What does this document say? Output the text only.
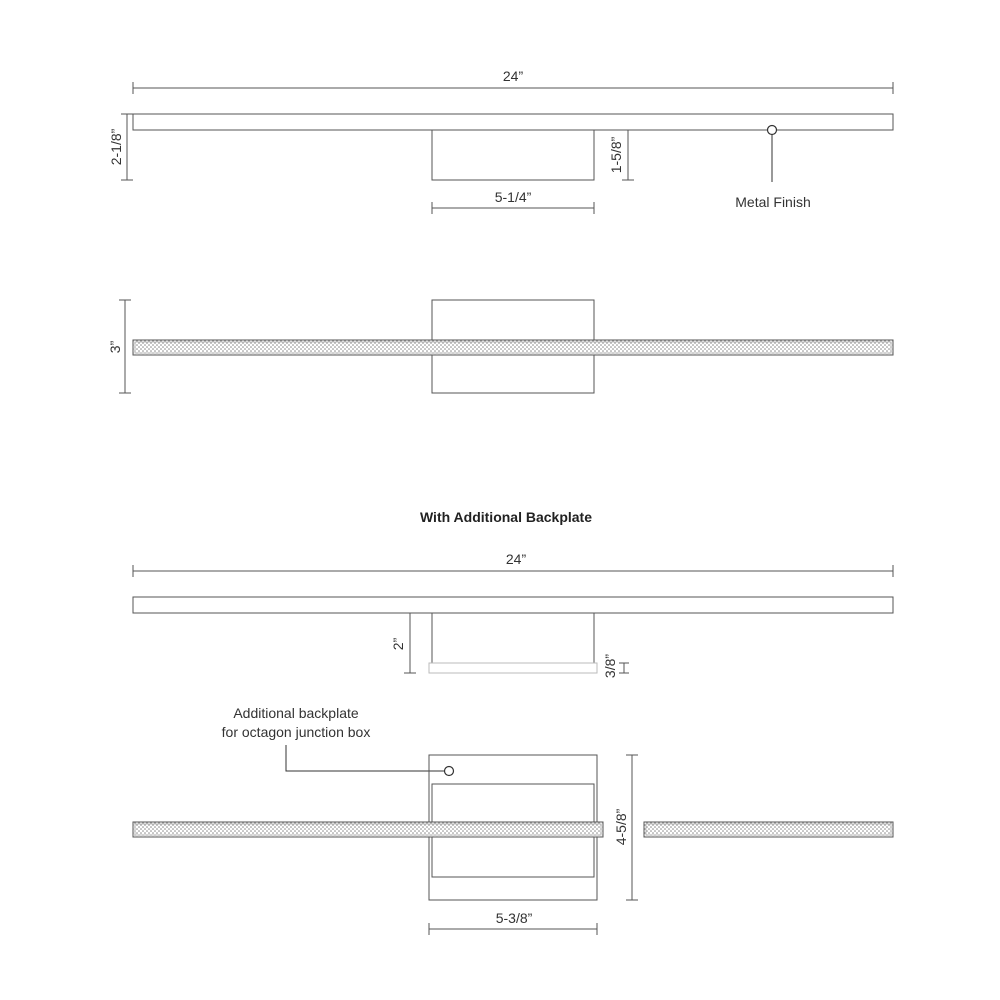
24”
2-1/8”	1-5/8”
5-1/4”	Metal Finish
3”
With Additional Backplate
24”
2”
3/8”
Additional backplate
for octagon junction box
4-5/8”
5-3/8”
